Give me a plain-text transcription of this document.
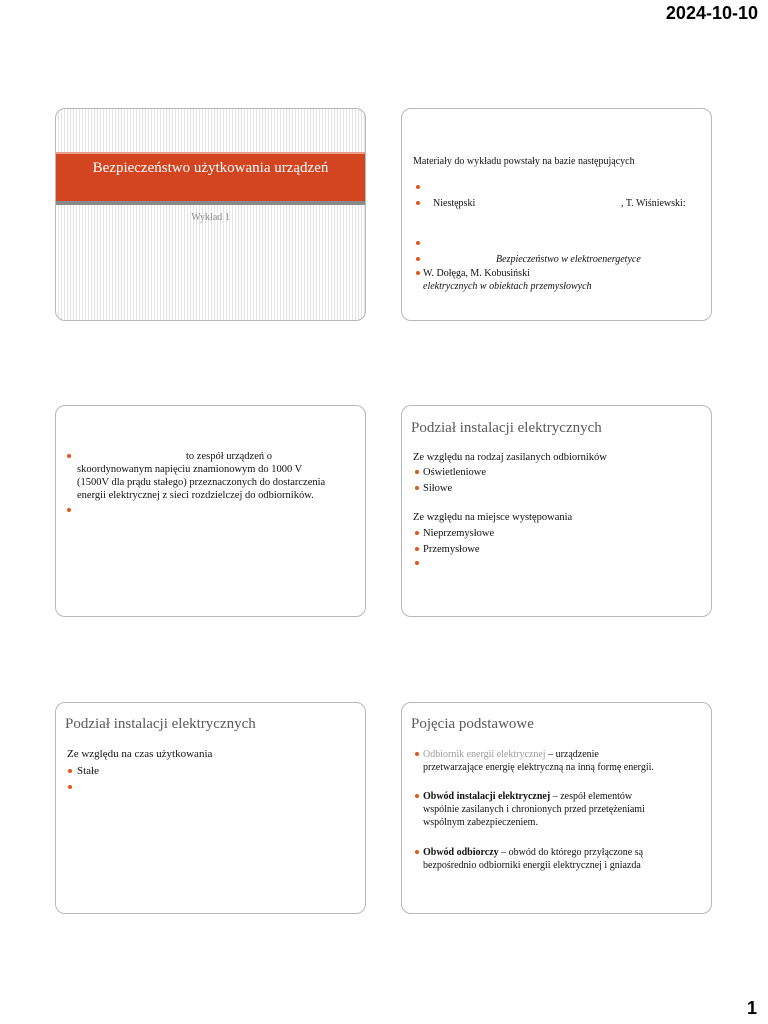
2024-10-10
Bezpieczeństwo użytkowania urządzeń
Wykład 1
Materiały do wykładu powstały na bazie następujących
Niestępski	, T. Wiśniewski:
Bezpieczeństwo w elektroenergetyce
W. Dołęga, M. Kobusiński
elektrycznych w obiektach przemysłowych
to zespół urządzeń o
skoordynowanym napięciu znamionowym do 1000 V
(1500V dla prądu stałego) przeznaczonych do dostarczenia
energii elektrycznej z sieci rozdzielczej do odbiorników.
Podział instalacji elektrycznych
Ze względu na rodzaj zasilanych odbiorników
Oświetleniowe
Siłowe
Ze względu na miejsce występowania
Nieprzemysłowe
Przemysłowe
Podział instalacji elektrycznych
Ze względu na czas użytkowania
Stałe
Pojęcia podstawowe
Odbiornik energii elektrycznej – urządzenie
przetwarzające energię elektryczną na inną formę energii.
Obwód instalacji elektrycznej – zespół elementów
wspólnie zasilanych i chronionych przed przetężeniami
wspólnym zabezpieczeniem.
Obwód odbiorczy – obwód do którego przyłączone są
bezpośrednio odbiorniki energii elektrycznej i gniazda
1
